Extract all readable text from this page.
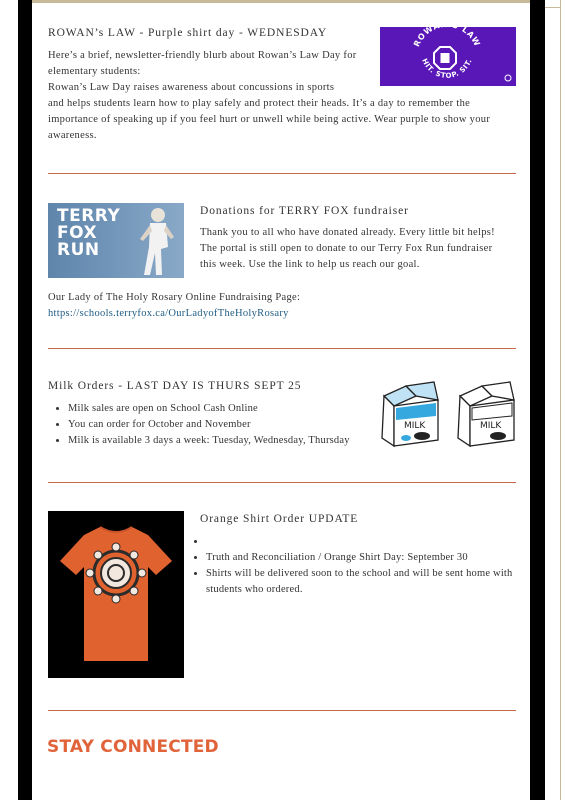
ROWAN’s LAW - Purple shirt day - WEDNESDAY

Here’s a brief, newsletter-friendly blurb about Rowan’s Law Day for

elementary students:

Rowan’s Law Day raises awareness about concussions in sports

and helps students learn how to play safely and protect their heads. It’s a day to remember the

importance of speaking up if you feel hurt or unwell while being active. Wear purple to show your

awareness.

ROW LAW
HIT. STOP. SIT.
TERRY
FOX
RUN
Donations for TERRY FOX fundraiser

Thank you to all who have donated already. Every little bit helps!

The portal is still open to donate to our Terry Fox Run fundraiser

this week. Use the link to help us reach our goal.

Our Lady of The Holy Rosary Online Fundraising Page:

https://schools.terryfox.ca/OurLadyofTheHolyRosary
Milk Orders - LAST DAY IS THURS SEPT 25
• Milk sales are open on School Cash Online
• You can order for October and November
• Milk is available 3 days a week: Tuesday, Wednesday, Thursday
MILK	MILK
Orange Shirt Order UPDATE
•
• Truth and Reconciliation / Orange Shirt Day: September 30
• Shirts will be delivered soon to the school and will be sent home with students who ordered.
STAY CONNECTED
